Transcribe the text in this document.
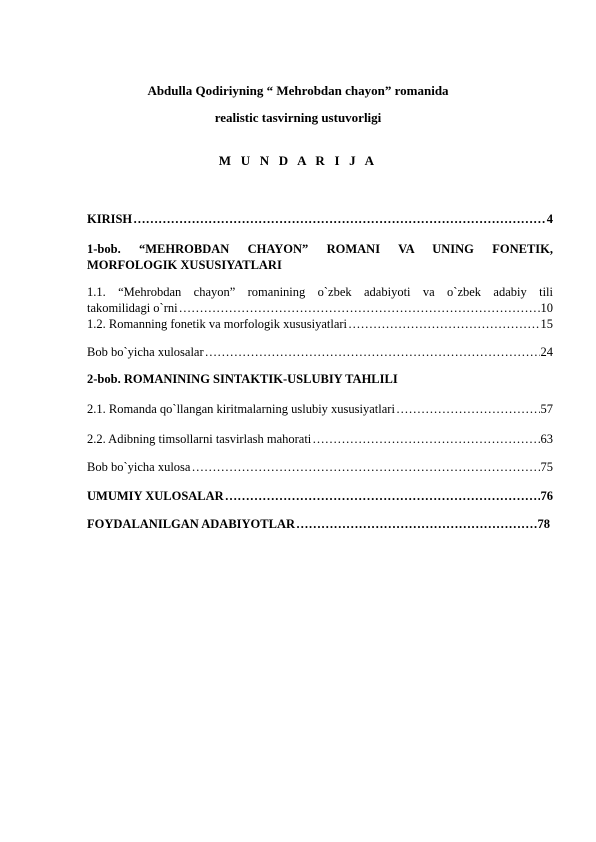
Abdulla Qodiriyning “ Mehrobdan chayon” romanida
realistic tasvirning ustuvorligi
M U N D A R I J A
KIRISH ………………………………………………………………………………………………………………………………………………………………	4
1-bob. “MEHROBDAN CHAYON” ROMANI VA UNING FONETIK,
MORFOLOGIK XUSUSIYATLARI
1.1. “Mehrobdan chayon” romanining o`zbek adabiyoti va o`zbek adabiy tili
takomilidagi o`rni ………………………………………………………………………………………………………………………………………………………………	10
1.2. Romanning fonetik va morfologik xususiyatlari ………………………………………………………………………………………………………………………………………………………………	15
Bob bo`yicha xulosalar ………………………………………………………………………………………………………………………………………………………………	24
2-bob. ROMANINING SINTAKTIK-USLUBIY TAHLILI
2.1. Romanda qo`llangan kiritmalarning uslubiy xususiyatlari ………………………………………………………………………………………………………………………………………………………………	57
2.2. Adibning timsollarni tasvirlash mahorati ………………………………………………………………………………………………………………………………………………………………	63
Bob bo`yicha xulosa ………………………………………………………………………………………………………………………………………………………………	75
UMUMIY XULOSALAR ………………………………………………………………………………………………………………………………………………………………	76
FOYDALANILGAN ADABIYOTLAR ………………………………………………………………………………………………………………………………………………………………	78
